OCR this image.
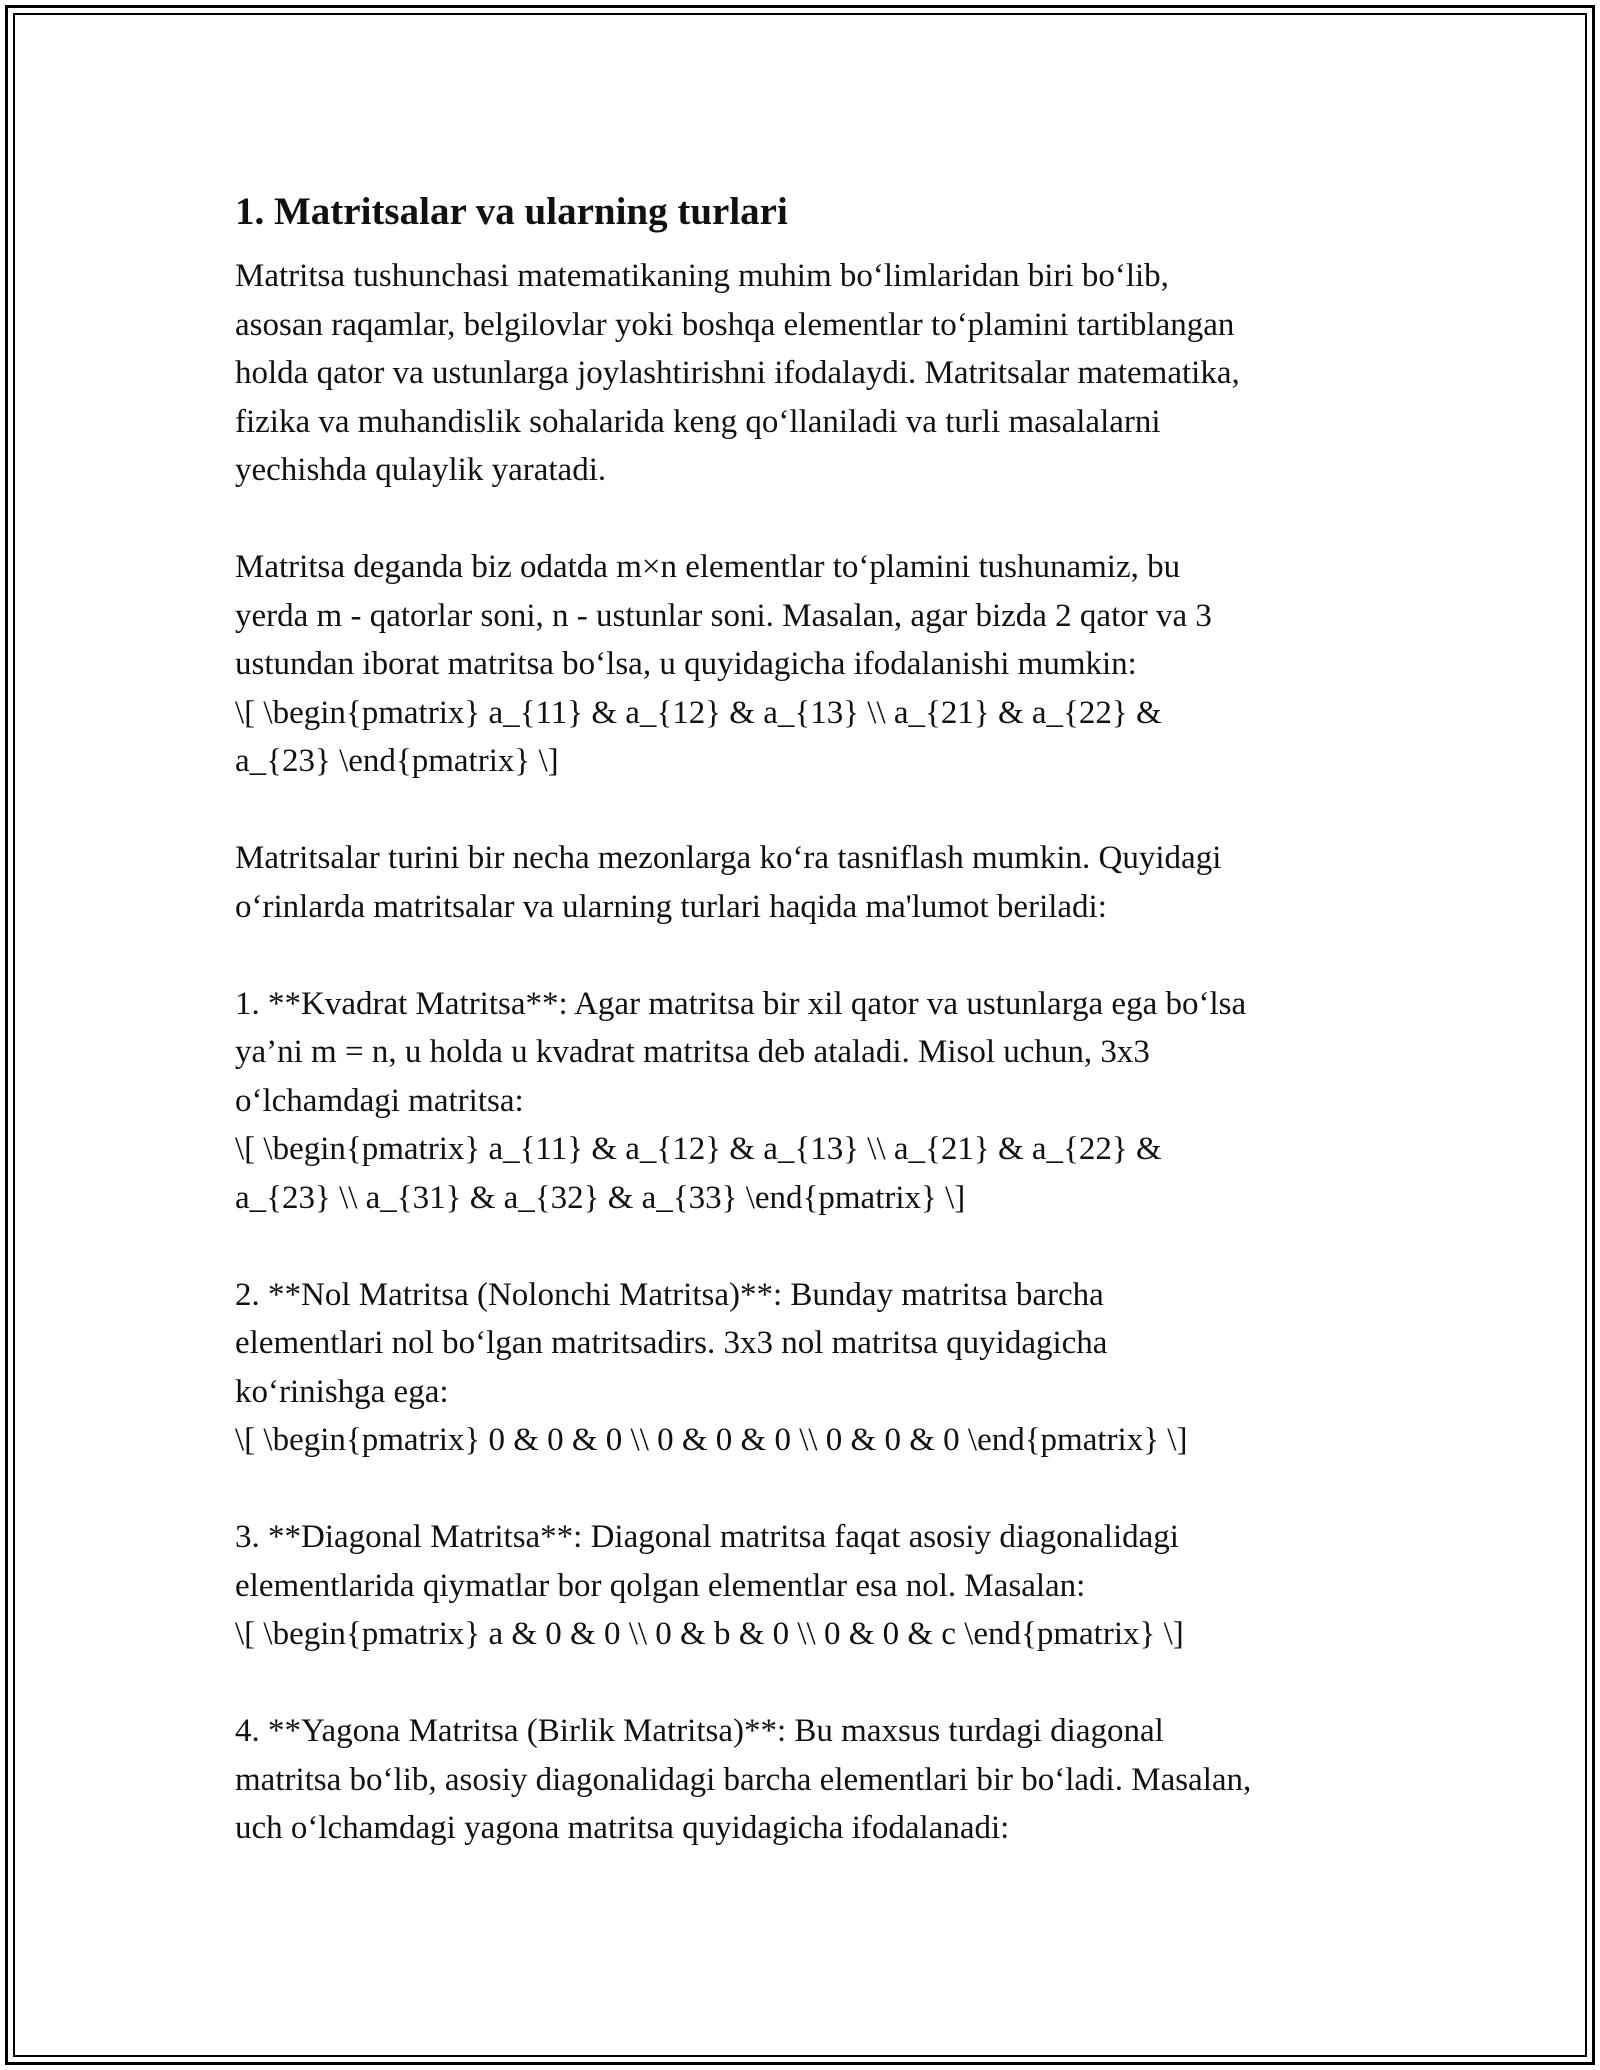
1. Matritsalar va ularning turlari

Matritsa tushunchasi matematikaning muhim bo‘limlaridan biri bo‘lib,
asosan raqamlar, belgilovlar yoki boshqa elementlar to‘plamini tartiblangan
holda qator va ustunlarga joylashtirishni ifodalaydi. Matritsalar matematika,
fizika va muhandislik sohalarida keng qo‘llaniladi va turli masalalarni
yechishda qulaylik yaratadi.

Matritsa deganda biz odatda m×n elementlar to‘plamini tushunamiz, bu
yerda m - qatorlar soni, n - ustunlar soni. Masalan, agar bizda 2 qator va 3
ustundan iborat matritsa bo‘lsa, u quyidagicha ifodalanishi mumkin:
\[ \begin{pmatrix} a_{11} & a_{12} & a_{13} \\ a_{21} & a_{22} &
a_{23} \end{pmatrix} \]

Matritsalar turini bir necha mezonlarga ko‘ra tasniflash mumkin. Quyidagi
o‘rinlarda matritsalar va ularning turlari haqida ma'lumot beriladi:

1. **Kvadrat Matritsa**: Agar matritsa bir xil qator va ustunlarga ega bo‘lsa
ya’ni m = n, u holda u kvadrat matritsa deb ataladi. Misol uchun, 3x3
o‘lchamdagi matritsa:
\[ \begin{pmatrix} a_{11} & a_{12} & a_{13} \\ a_{21} & a_{22} &
a_{23} \\ a_{31} & a_{32} & a_{33} \end{pmatrix} \]

2. **Nol Matritsa (Nolonchi Matritsa)**: Bunday matritsa barcha
elementlari nol bo‘lgan matritsadirs. 3x3 nol matritsa quyidagicha
ko‘rinishga ega:
\[ \begin{pmatrix} 0 & 0 & 0 \\ 0 & 0 & 0 \\ 0 & 0 & 0 \end{pmatrix} \]

3. **Diagonal Matritsa**: Diagonal matritsa faqat asosiy diagonalidagi
elementlarida qiymatlar bor qolgan elementlar esa nol. Masalan:
\[ \begin{pmatrix} a & 0 & 0 \\ 0 & b & 0 \\ 0 & 0 & c \end{pmatrix} \]

4. **Yagona Matritsa (Birlik Matritsa)**: Bu maxsus turdagi diagonal
matritsa bo‘lib, asosiy diagonalidagi barcha elementlari bir bo‘ladi. Masalan,
uch o‘lchamdagi yagona matritsa quyidagicha ifodalanadi:
